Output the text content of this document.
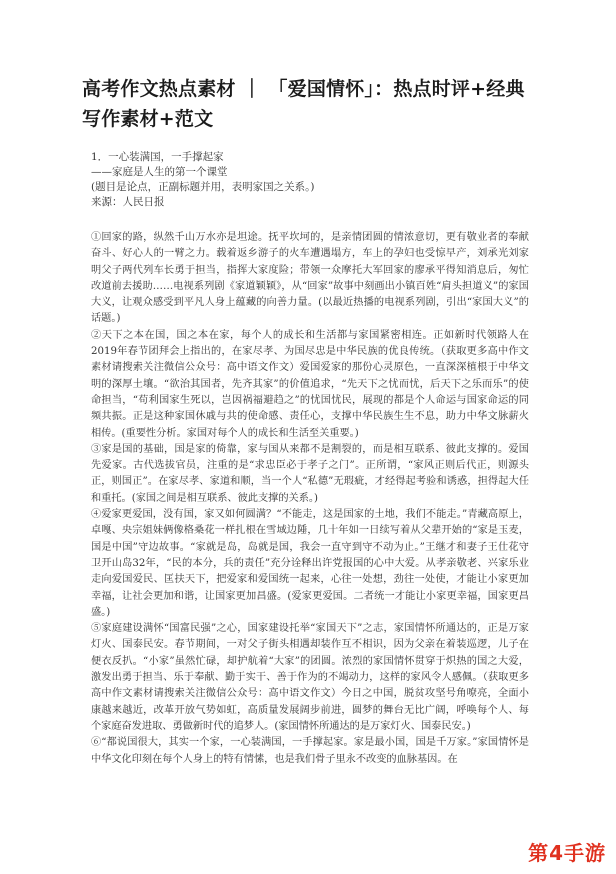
高考作文热点素材 ｜ 「爱国情怀」：热点时评+经典写作素材+范文
1．一心装满国，一手撑起家
——家庭是人生的第一个课堂
(题目是论点，正副标题并用，表明家国之关系。)
来源：人民日报

①回家的路，纵然千山万水亦是坦途。抚平坎坷的，是亲情团圆的情浓意切，更有敬业者的奉献奋斗、好心人的一臂之力。载着返乡游子的火车遭遇塌方，车上的孕妇也受惊早产，刘承光刘家明父子两代列车长勇于担当，指挥大家度险；带领一众摩托大军回家的廖承平得知消息后，匆忙改道前去援助……电视系列剧《家道颖颖》，从“回家”故事中刻画出小镇百姓“肩头担道义”的家国大义，让观众感受到平凡人身上蕴藏的向善力量。(以最近热播的电视系列剧，引出“家国大义”的话题。)

②天下之本在国，国之本在家，每个人的成长和生活都与家国紧密相连。正如新时代领路人在2019年春节团拜会上指出的，在家尽孝、为国尽忠是中华民族的优良传统。（获取更多高中作文素材请搜索关注微信公众号：高中语文作文）爱国爱家的那份心灵原色，一直深深植根于中华文明的深厚土壤。“欲治其国者，先齐其家”的价值追求，“先天下之忧而忧，后天下之乐而乐”的使命担当，“苟利国家生死以，岂因祸福避趋之”的忧国忧民，展现的都是个人命运与国家命运的同频共振。正是这种家国休戚与共的使命感、责任心，支撑中华民族生生不息，助力中华文脉薪火相传。(重要性分析。家国对每个人的成长和生活至关重要。)

③家是国的基础，国是家的倚靠，家与国从来都不是割裂的，而是相互联系、彼此支撑的。爱国先爱家。古代选拔官员，注重的是“求忠臣必于孝子之门”。正所谓，“家风正则后代正，则源头正，则国正”。在家尽孝、家道和顺，当一个人“私德”无瑕疵，才经得起考验和诱惑，担得起大任和重托。(家国之间是相互联系、彼此支撑的关系。)

④爱家更爱国，没有国，家又如何圆满？“不能走，这是国家的土地，我们不能走。”青藏高原上，卓嘎、央宗姐妹俩像格桑花一样扎根在雪域边陲，几十年如一日续写着从父辈开始的“家是玉麦，国是中国”守边故事。“家就是岛，岛就是国，我会一直守到守不动为止。”王继才和妻子王仕花守卫开山岛32年，“民的本分，兵的责任”充分诠释出许党报国的心中大爱。从孝亲敬老、兴家乐业走向爱国爱民、匡扶天下，把爱家和爱国统一起来，心往一处想，劲往一处使，才能让小家更加幸福，让社会更加和谐，让国家更加昌盛。(爱家更爱国。二者统一才能让小家更幸福，国家更昌盛。)

⑤家庭建设满怀“国富民强”之心，国家建设托举“家国天下”之志，家国情怀所通达的，正是万家灯火、国泰民安。春节期间，一对父子街头相遇却装作互不相识，因为父亲在着装巡逻，儿子在便衣反扒。“小家”虽然忙碌，却护航着“大家”的团圆。浓烈的家国情怀贯穿于炽热的国之大爱，激发出勇于担当、乐于奉献、勤于实干、善于作为的不竭动力，这样的家风令人感佩。（获取更多高中作文素材请搜索关注微信公众号：高中语文作文）今日之中国，脱贫攻坚号角嘹亮，全面小康越来越近，改革开放气势如虹，高质量发展阔步前进，圆梦的舞台无比广阔，呼唤每个人、每个家庭奋发进取、勇做新时代的追梦人。(家国情怀所通达的是万家灯火、国泰民安。)

⑥“都说国很大，其实一个家，一心装满国，一手撑起家。家是最小国，国是千万家。”家国情怀是中华文化印刻在每个人身上的特有情愫，也是我们骨子里永不改变的血脉基因。在

第4手游
